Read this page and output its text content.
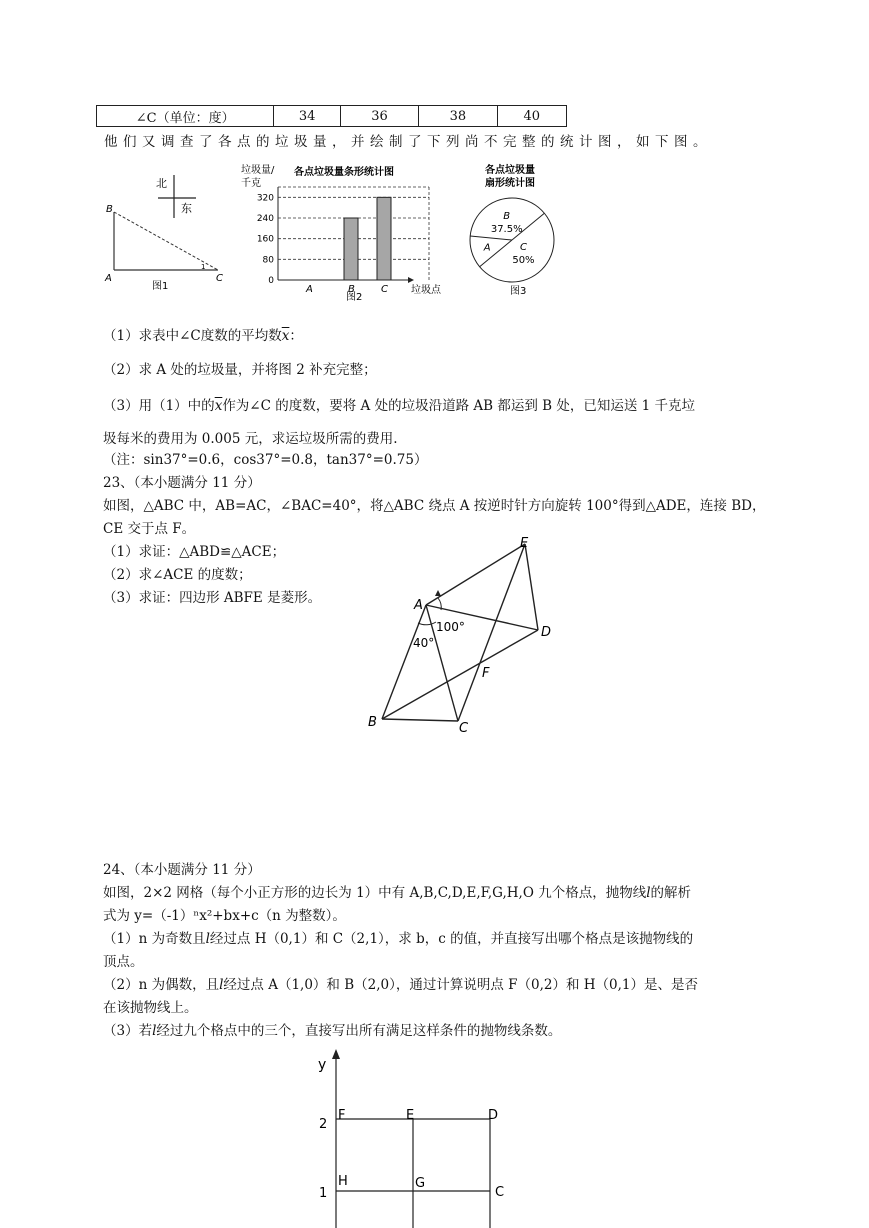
∠C（单位：度）	34	36	38	40
他们又调查了各点的垃圾量，并绘制了下列尚不完整的统计图，如下图。
北
东
B
A	C
1
图1
垃圾量/
千克
各点垃圾量条形统计图
320
240
160
80
0
A	B	C 垃圾点
图2
各点垃圾量
扇形统计图
C
50%
A
B
37.5%
图3
（1）求表中∠C度数的平均数$\overline{x}$：
（2）求 A 处的垃圾量，并将图 2 补充完整；
（3）用（1）中的$\overline{x}$作为∠C 的度数，要将 A 处的垃圾沿道路 AB 都运到 B 处，已知运送 1 千克垃
圾每米的费用为 0.005 元，求运垃圾所需的费用.
（注：sin37°=0.6，cos37°=0.8，tan37°=0.75）
23、（本小题满分 11 分）
如图，△ABC 中，AB=AC，∠BAC=40°，将△ABC 绕点 A 按逆时针方向旋转 100°得到△ADE，连接 BD，
CE 交于点 F。
（1）求证：△ABD≌△ACE；
（2）求∠ACE 的度数；
（3）求证：四边形 ABFE 是菱形。	A
B	C
D
E
F
40°
100°
24、（本小题满分 11 分）
如图，2×2 网格（每个小正方形的边长为 1）中有 A,B,C,D,E,F,G,H,O 九个格点，抛物线l的解析
式为 y=（-1）ⁿx²+bx+c（n 为整数）。
（1）n 为奇数且l经过点 H（0,1）和 C（2,1），求 b，c 的值，并直接写出哪个格点是该抛物线的
顶点。
（2）n 为偶数，且l经过点 A（1,0）和 B（2,0），通过计算说明点 F（0,2）和 H（0,1）是、是否
在该抛物线上。
（3）若l经过九个格点中的三个，直接写出所有满足这样条件的抛物线条数。
y
2
1
F	E	D
H	G
C
